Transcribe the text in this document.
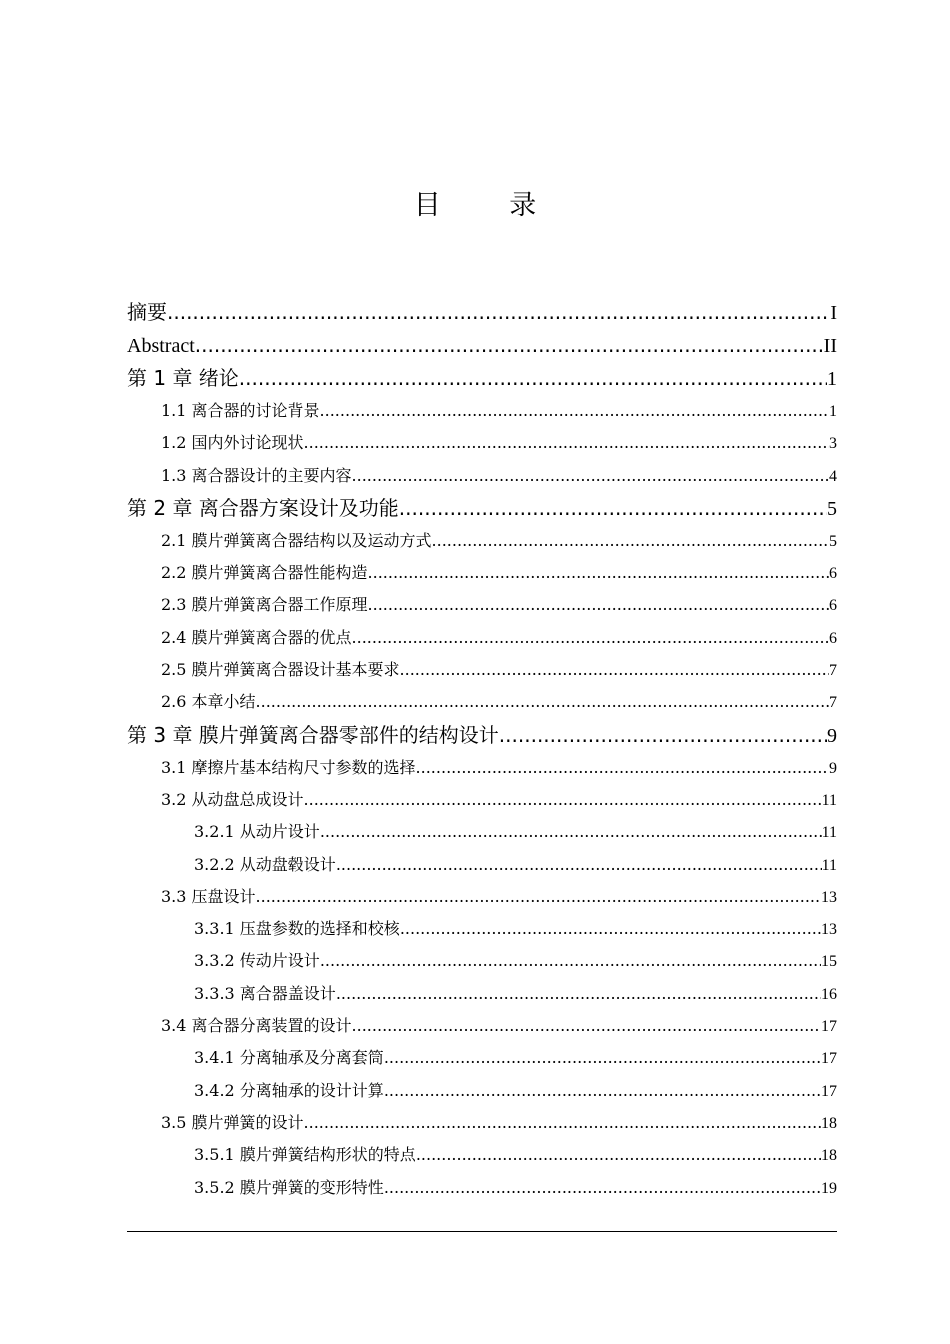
目 录
摘要 .....	I
Abstract .....	II
第 1 章 绪论 .....	1
1.1 离合器的讨论背景 .....	1
1.2 国内外讨论现状 .....	3
1.3 离合器设计的主要内容 .....	4
第 2 章 离合器方案设计及功能 .....	5
2.1 膜片弹簧离合器结构以及运动方式 .....	5
2.2 膜片弹簧离合器性能构造 .....	6
2.3 膜片弹簧离合器工作原理 .....	6
2.4 膜片弹簧离合器的优点 .....	6
2.5 膜片弹簧离合器设计基本要求 .....	7
2.6 本章小结 .....	7
第 3 章 膜片弹簧离合器零部件的结构设计 .....	9
3.1 摩擦片基本结构尺寸参数的选择 .....	9
3.2 从动盘总成设计 .....	11
3.2.1 从动片设计 .....	11
3.2.2 从动盘毂设计 .....	11
3.3 压盘设计 .....	13
3.3.1 压盘参数的选择和校核 .....	13
3.3.2 传动片设计 .....	15
3.3.3 离合器盖设计 .....	16
3.4 离合器分离装置的设计 .....	17
3.4.1 分离轴承及分离套筒 .....	17
3.4.2 分离轴承的设计计算 .....	17
3.5 膜片弹簧的设计 .....	18
3.5.1 膜片弹簧结构形状的特点 .....	18
3.5.2 膜片弹簧的变形特性 .....	19
